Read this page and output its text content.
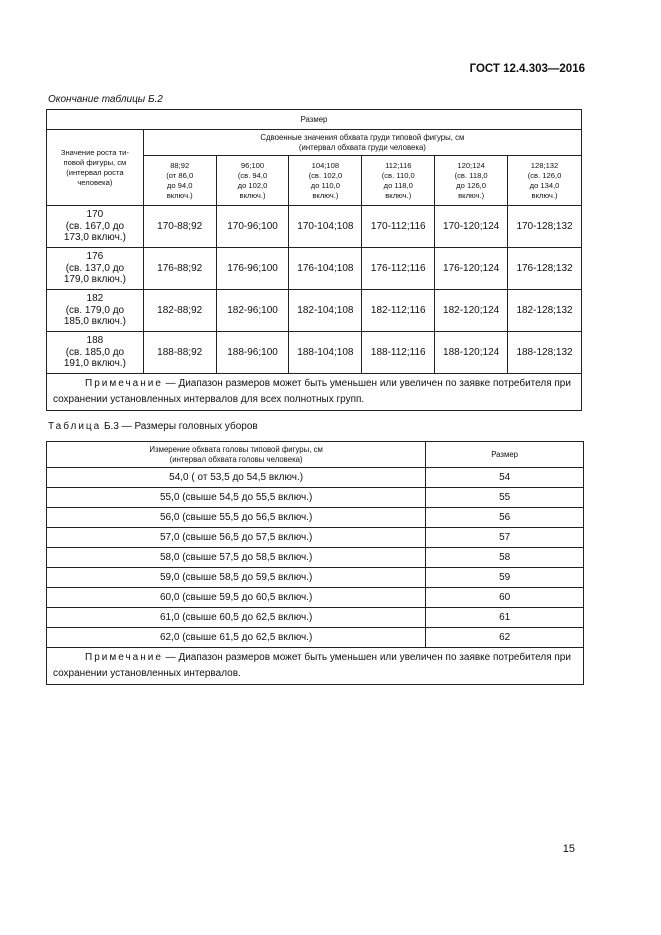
ГОСТ 12.4.303—2016
Окончание таблицы Б.2
Размер						
Значение роста ти-
повой фигуры, см
(интервал роста
человека)	Сдвоенные значения обхвата груди типовой фигуры, см
(интервал обхвата груди человека)					
	88;92
(от 86,0
до 94,0
включ.)	96;100
(св. 94,0
до 102,0
включ.)	104;108
(св. 102,0
до 110,0
включ.)	112;116
(св. 110,0
до 118,0
включ.)	120;124
(св. 118,0
до 126,0
включ.)	128;132
(св. 126,0
до 134,0
включ.)
170
(св. 167,0 до
173,0 включ.)	170-88;92	170-96;100	170-104;108	170-112;116	170-120;124	170-128;132
176
(св. 137,0 до
179,0 включ.)	176-88;92	176-96;100	176-104;108	176-112;116	176-120;124	176-128;132
182
(св. 179,0 до
185,0 включ.)	182-88;92	182-96;100	182-104;108	182-112;116	182-120;124	182-128;132
188
(св. 185,0 до
191,0 включ.)	188-88;92	188-96;100	188-104;108	188-112;116	188-120;124	188-128;132
Примечание — Диапазон размеров может быть уменьшен или увеличен по заявке потребителя при сохранении установленных интервалов для всех полнотных групп.						
Таблица Б.3 — Размеры головных уборов
Измерение обхвата головы типовой фигуры, см
(интервал обхвата головы человека)	Размер
54,0 ( от 53,5 до 54,5 включ.)	54
55,0 (свыше 54,5 до 55,5 включ.)	55
56,0 (свыше 55,5 до 56,5 включ.)	56
57,0 (свыше 56,5 до 57,5 включ.)	57
58,0 (свыше 57,5 до 58,5 включ.)	58
59,0 (свыше 58,5 до 59,5 включ.)	59
60,0 (свыше 59,5 до 60,5 включ.)	60
61,0 (свыше 60,5 до 62,5 включ.)	61
62,0 (свыше 61,5 до 62,5 включ.)	62
Примечание — Диапазон размеров может быть уменьшен или увеличен по заявке потребителя при сохранении установленных интервалов.	
15
